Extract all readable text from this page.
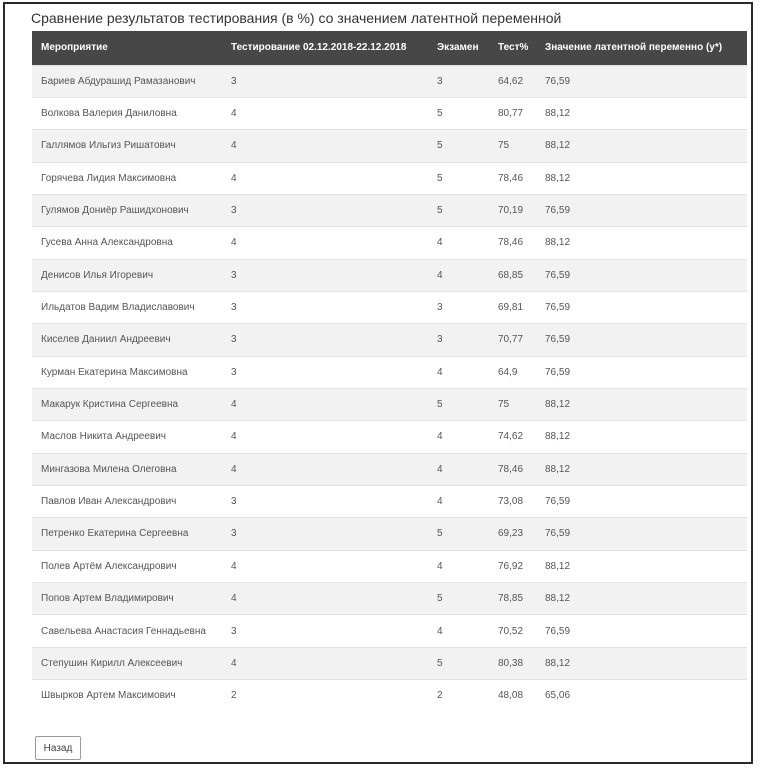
Сравнение результатов тестирования (в %) со значением латентной переменной
Мероприятие	Тестирование 02.12.2018-22.12.2018	Экзамен	Тест%	Значение латентной переменно (y*)
Бариев Абдурашид Рамазанович	3	3	64,62	76,59
Волкова Валерия Даниловна	4	5	80,77	88,12
Галлямов Ильгиз Ришатович	4	5	75	88,12
Горячева Лидия Максимовна	4	5	78,46	88,12
Гулямов Дониёр Рашидхонович	3	5	70,19	76,59
Гусева Анна Александровна	4	4	78,46	88,12
Денисов Илья Игоревич	3	4	68,85	76,59
Ильдатов Вадим Владиславович	3	3	69,81	76,59
Киселев Даниил Андреевич	3	3	70,77	76,59
Курман Екатерина Максимовна	3	4	64,9	76,59
Макарук Кристина Сергеевна	4	5	75	88,12
Маслов Никита Андреевич	4	4	74,62	88,12
Мингазова Милена Олеговна	4	4	78,46	88,12
Павлов Иван Александрович	3	4	73,08	76,59
Петренко Екатерина Сергеевна	3	5	69,23	76,59
Полев Артём Александрович	4	4	76,92	88,12
Попов Артем Владимирович	4	5	78,85	88,12
Савельева Анастасия Геннадьевна	3	4	70,52	76,59
Степушин Кирилл Алексеевич	4	5	80,38	88,12
Швырков Артем Максимович	2	2	48,08	65,06
Назад
